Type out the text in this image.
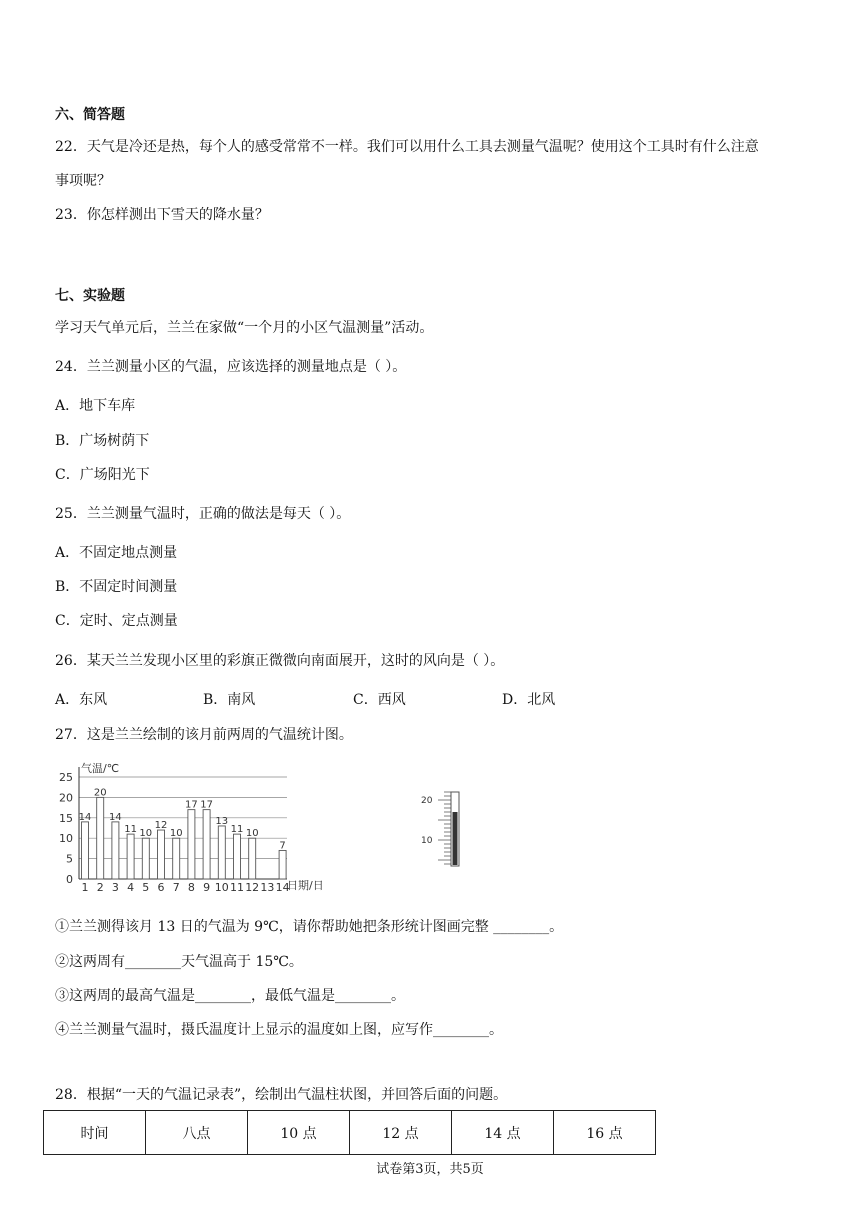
六、简答题
22．天气是冷还是热，每个人的感受常常不一样。我们可以用什么工具去测量气温呢？使用这个工具时有什么注意
事项呢？
23．你怎样测出下雪天的降水量？
七、实验题
学习天气单元后，兰兰在家做“一个月的小区气温测量”活动。
24．兰兰测量小区的气温，应该选择的测量地点是（ ）。
A．地下车库
B．广场树荫下
C．广场阳光下
25．兰兰测量气温时，正确的做法是每天（ ）。
A．不固定地点测量
B．不固定时间测量
C．定时、定点测量
26．某天兰兰发现小区里的彩旗正微微向南面展开，这时的风向是（ ）。
A．东风	B．南风	C．西风	D．北风
27．这是兰兰绘制的该月前两周的气温统计图。
0
5
10
15
20
25
14
1
20
2
14
3
11
4
10
5
12
6
10
7
17
8
17
9
13
10
11
11
10
12 13
7
14
气温/℃
日期/日
20
10
①兰兰测得该月 13 日的气温为 9℃，请你帮助她把条形统计图画完整 ________。
②这两周有________天气温高于 15℃。
③这两周的最高气温是________，最低气温是________。
④兰兰测量气温时，摄氏温度计上显示的温度如上图，应写作________。
28．根据“一天的气温记录表”，绘制出气温柱状图，并回答后面的问题。
时间	八点	10 点	12 点	14 点	16 点
试卷第3页，共5页
